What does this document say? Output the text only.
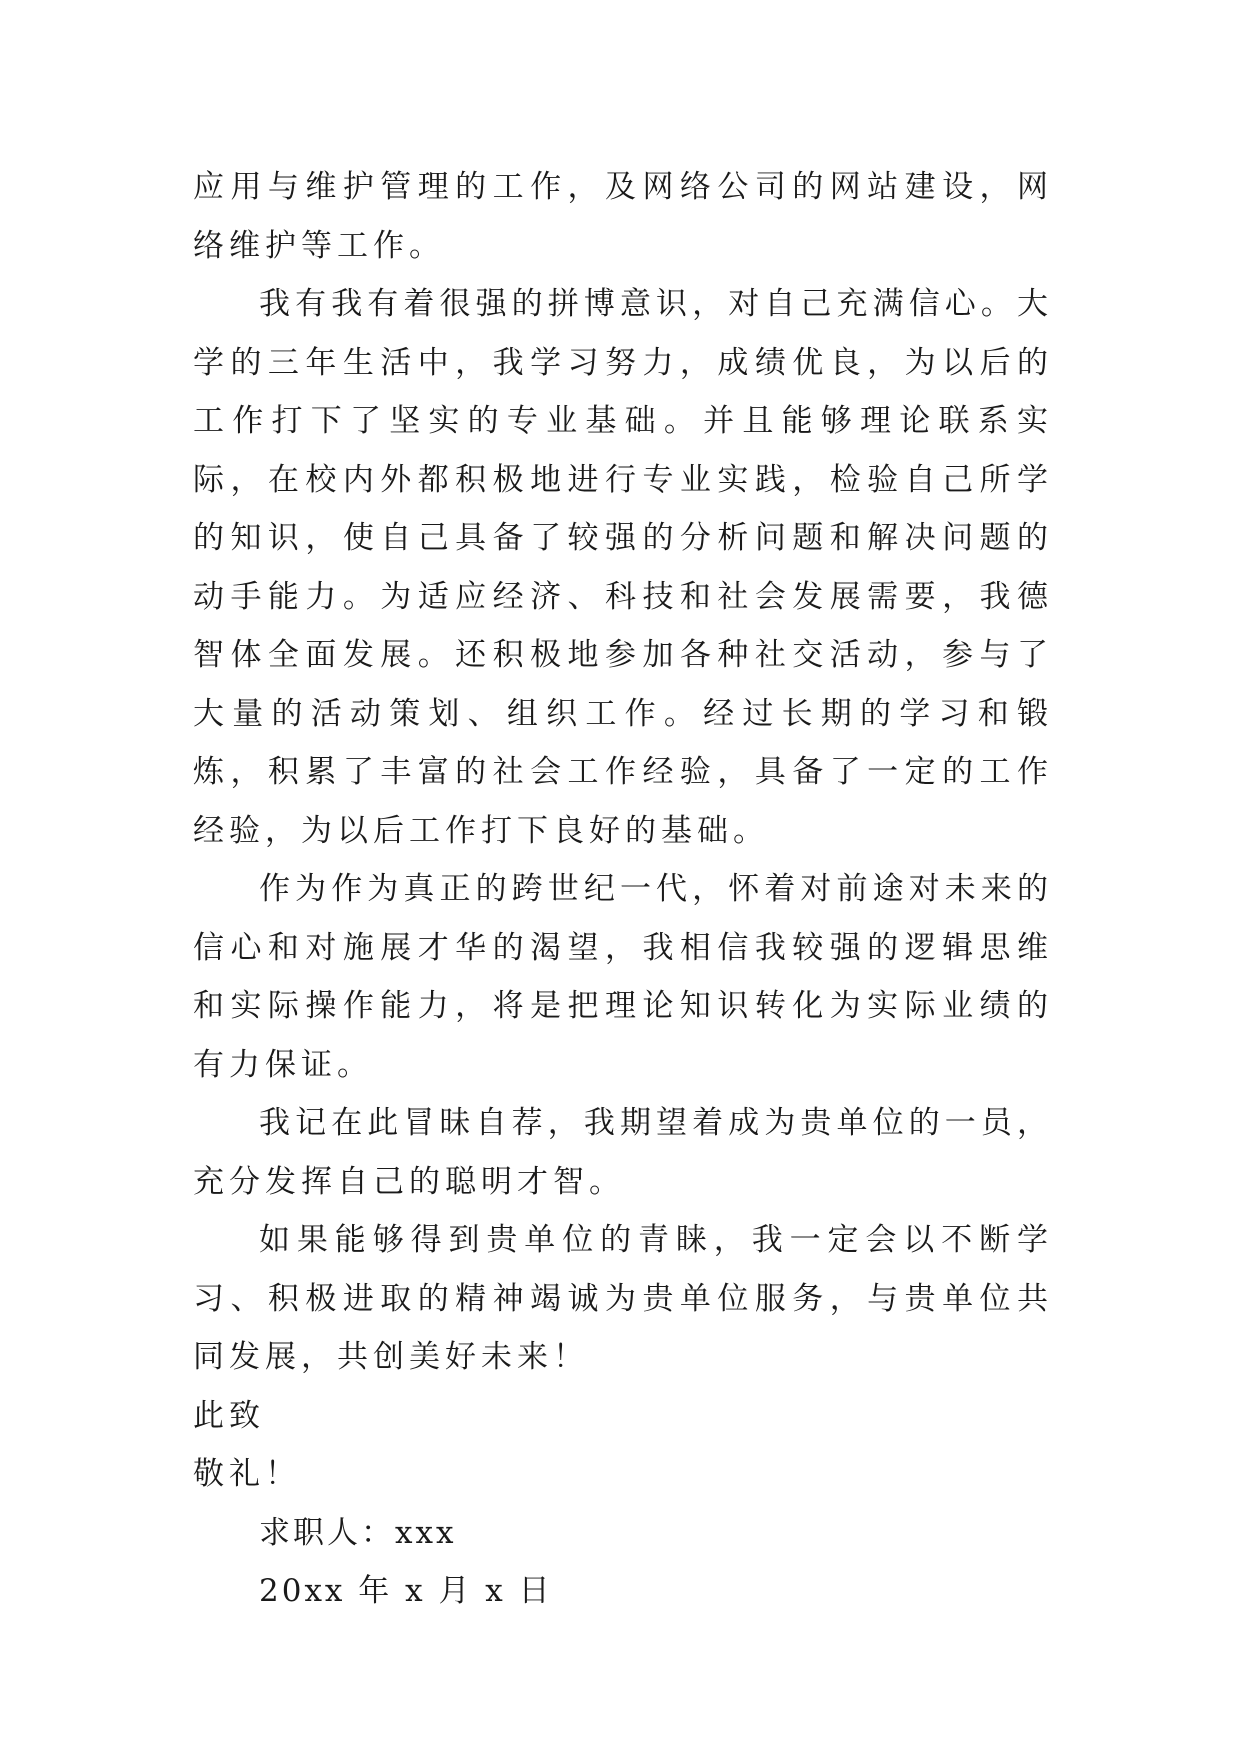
应用与维护管理的工作，及网络公司的网站建设，网络维护等工作。

我有我有着很强的拼博意识，对自己充满信心。大学的三年生活中，我学习努力，成绩优良，为以后的工作打下了坚实的专业基础。并且能够理论联系实际，在校内外都积极地进行专业实践，检验自己所学的知识，使自己具备了较强的分析问题和解决问题的动手能力。为适应经济、科技和社会发展需要，我德智体全面发展。还积极地参加各种社交活动，参与了大量的活动策划、组织工作。经过长期的学习和锻炼，积累了丰富的社会工作经验，具备了一定的工作经验，为以后工作打下良好的基础。

作为作为真正的跨世纪一代，怀着对前途对未来的信心和对施展才华的渴望，我相信我较强的逻辑思维和实际操作能力，将是把理论知识转化为实际业绩的有力保证。

我记在此冒昧自荐，我期望着成为贵单位的一员，充分发挥自己的聪明才智。

如果能够得到贵单位的青睐，我一定会以不断学习、积极进取的精神竭诚为贵单位服务，与贵单位共同发展，共创美好未来！

此致

敬礼！

求职人：xxx

20xx 年 x 月 x 日
